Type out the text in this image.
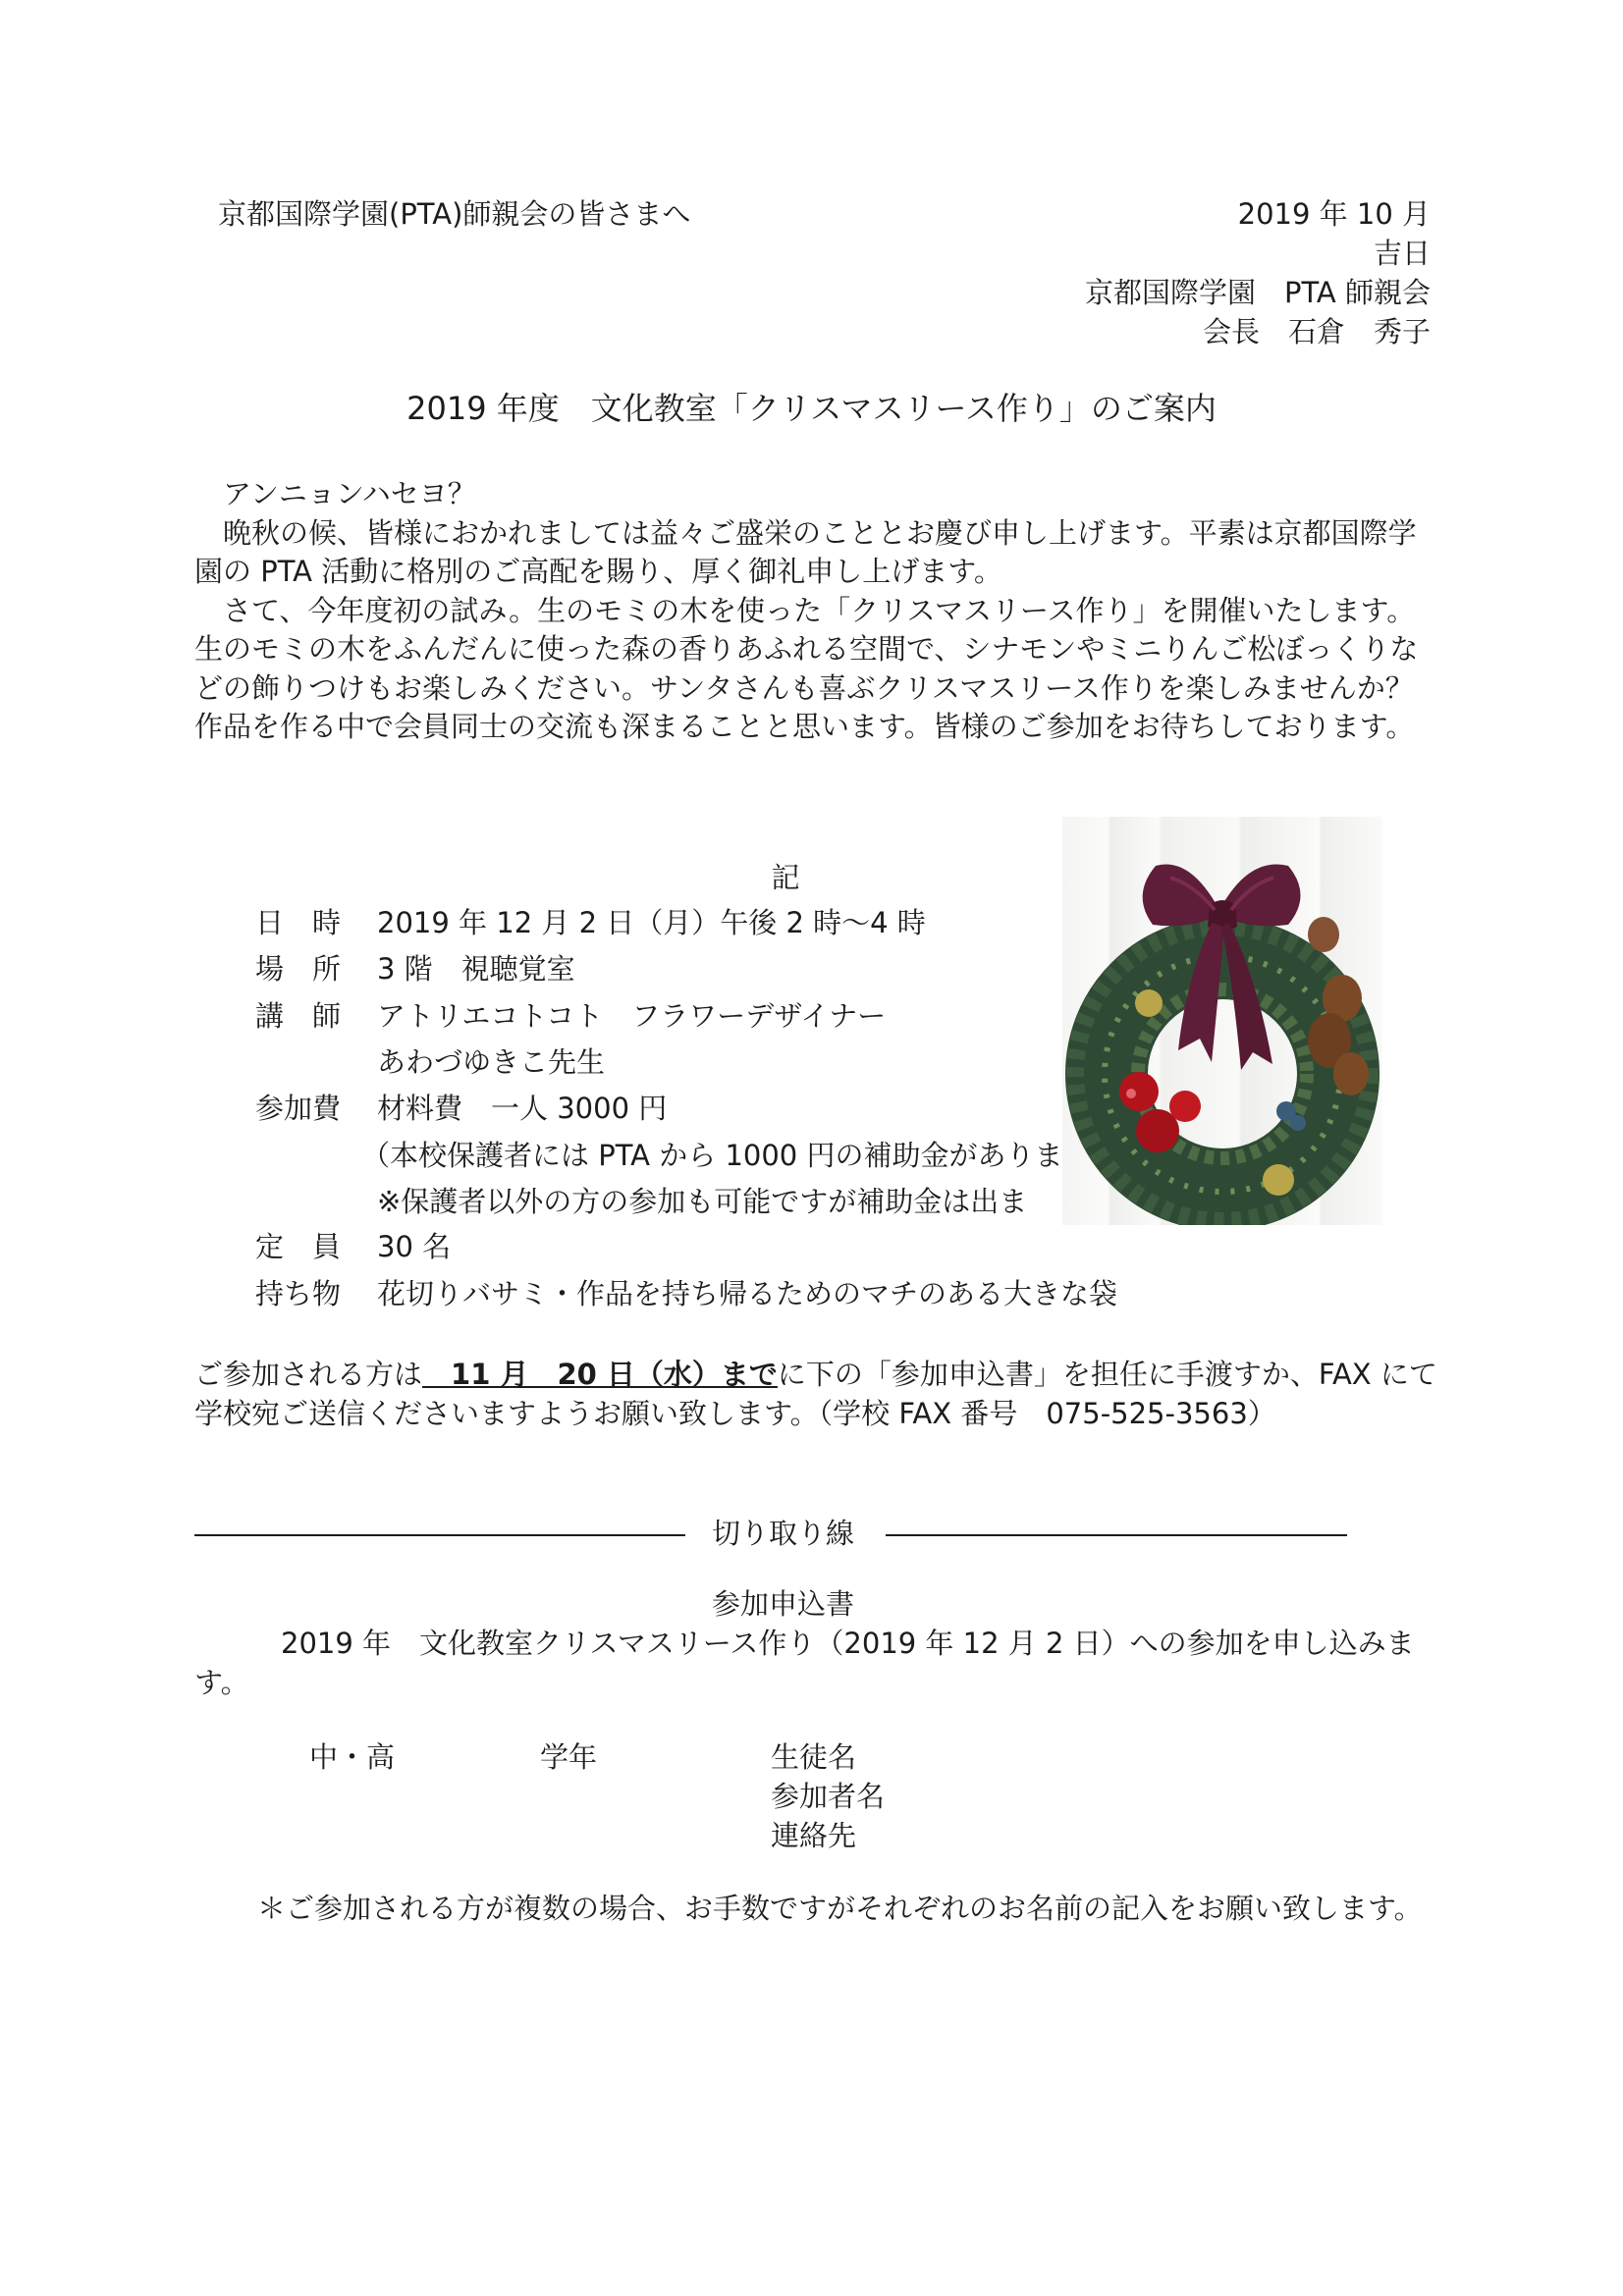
京都国際学園(PTA)師親会の皆さまへ	2019 年 10 月　吉日
京都国際学園　PTA 師親会
会長　石倉　秀子
2019 年度　文化教室「クリスマスリース作り」のご案内

アンニョンハセヨ？

晩秋の候、皆様におかれましては益々ご盛栄のこととお慶び申し上げます。平素は京都国際学園の PTA 活動に格別のご高配を賜り、厚く御礼申し上げます。

さて、今年度初の試み。生のモミの木を使った「クリスマスリース作り」を開催いたします。生のモミの木をふんだんに使った森の香りあふれる空間で、シナモンやミニりんご松ぼっくりなどの飾りつけもお楽しみください。サンタさんも喜ぶクリスマスリース作りを楽しみませんか？作品を作る中で会員同士の交流も深まることと思います。皆様のご参加をお待ちしております。

記
日　時 2019 年 12 月 2 日（月）午後 2 時～4 時
場　所 3 階　視聴覚室
講　師 アトリエコトコト　フラワーデザイナー
あわづゆきこ先生
参加費 材料費　一人 3000 円
（本校保護者には PTA から 1000 円の補助金がありま
※保護者以外の方の参加も可能ですが補助金は出ま
定　員 30 名
持ち物 花切りバサミ・作品を持ち帰るためのマチのある大きな袋
ご参加される方は　11 月　20 日（水）までに下の「参加申込書」を担任に手渡すか、FAX にて学校宛ご送信くださいますようお願い致します。（学校 FAX 番号　075-525-3563）
切り取り線
参加申込書
2019 年　文化教室クリスマスリース作り（2019 年 12 月 2 日）への参加を申し込みます。
中・高	学年	生徒名
参加者名
連絡先
＊ご参加される方が複数の場合、お手数ですがそれぞれのお名前の記入をお願い致します。
